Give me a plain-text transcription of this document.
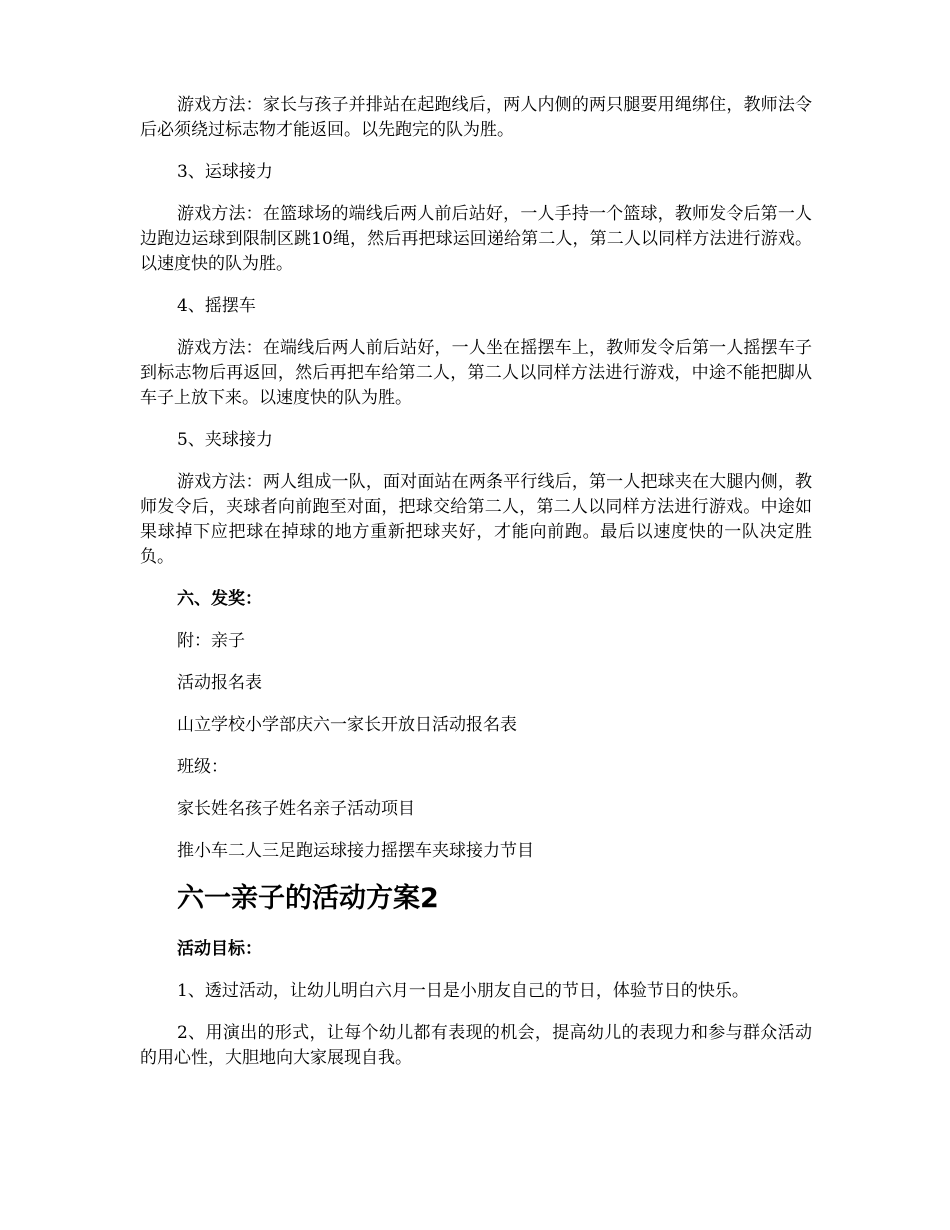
游戏方法：家长与孩子并排站在起跑线后，两人内侧的两只腿要用绳绑住，教师法令后必须绕过标志物才能返回。以先跑完的队为胜。

3、运球接力

游戏方法：在篮球场的端线后两人前后站好，一人手持一个篮球，教师发令后第一人边跑边运球到限制区跳10绳，然后再把球运回递给第二人，第二人以同样方法进行游戏。以速度快的队为胜。

4、摇摆车

游戏方法：在端线后两人前后站好，一人坐在摇摆车上，教师发令后第一人摇摆车子到标志物后再返回，然后再把车给第二人，第二人以同样方法进行游戏，中途不能把脚从车子上放下来。以速度快的队为胜。

5、夹球接力

游戏方法：两人组成一队，面对面站在两条平行线后，第一人把球夹在大腿内侧，教师发令后，夹球者向前跑至对面，把球交给第二人，第二人以同样方法进行游戏。中途如果球掉下应把球在掉球的地方重新把球夹好，才能向前跑。最后以速度快的一队决定胜负。

六、发奖：

附：亲子

活动报名表

山立学校小学部庆六一家长开放日活动报名表

班级：

家长姓名孩子姓名亲子活动项目

推小车二人三足跑运球接力摇摆车夹球接力节目

六一亲子的活动方案2

活动目标：

1、透过活动，让幼儿明白六月一日是小朋友自己的节日，体验节日的快乐。

2、用演出的形式，让每个幼儿都有表现的机会，提高幼儿的表现力和参与群众活动的用心性，大胆地向大家展现自我。
